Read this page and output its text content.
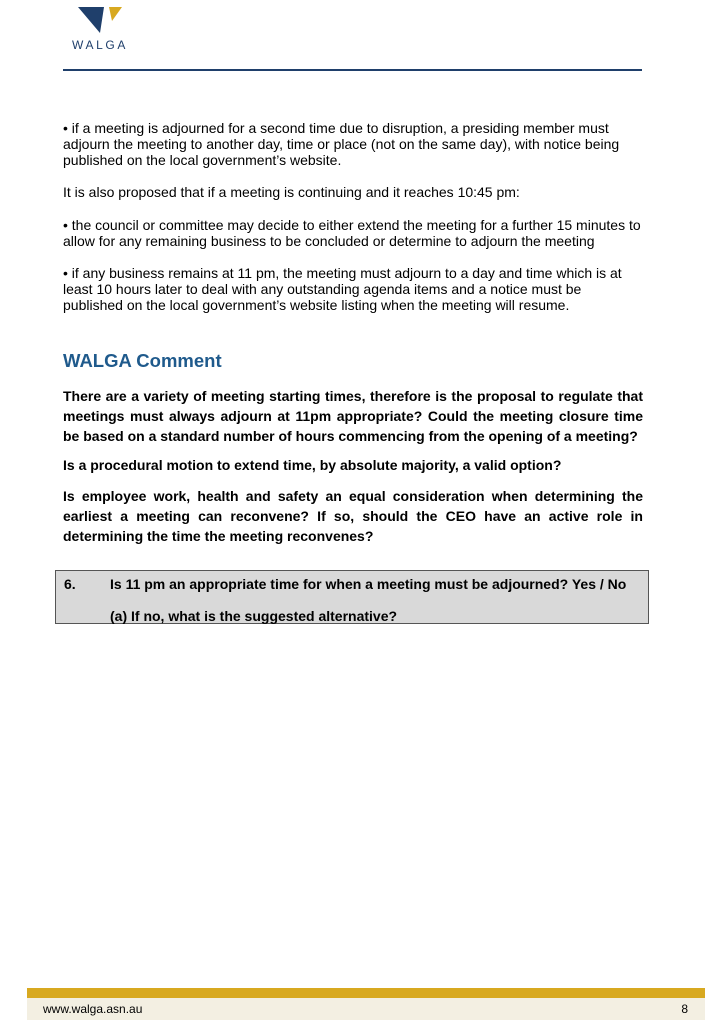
WALGA

• if a meeting is adjourned for a second time due to disruption, a presiding member must adjourn the meeting to another day, time or place (not on the same day), with notice being published on the local government’s website.

It is also proposed that if a meeting is continuing and it reaches 10:45 pm:

• the council or committee may decide to either extend the meeting for a further 15 minutes to allow for any remaining business to be concluded or determine to adjourn the meeting

• if any business remains at 11 pm, the meeting must adjourn to a day and time which is at least 10 hours later to deal with any outstanding agenda items and a notice must be published on the local government’s website listing when the meeting will resume.

WALGA Comment

There are a variety of meeting starting times, therefore is the proposal to regulate that meetings must always adjourn at 11pm appropriate? Could the meeting closure time be based on a standard number of hours commencing from the opening of a meeting?

Is a procedural motion to extend time, by absolute majority, a valid option?

Is employee work, health and safety an equal consideration when determining the earliest a meeting can reconvene? If so, should the CEO have an active role in determining the time the meeting reconvenes?

6. Is 11 pm an appropriate time for when a meeting must be adjourned? Yes / No
(a) If no, what is the suggested alternative?
www.walga.asn.au	8
